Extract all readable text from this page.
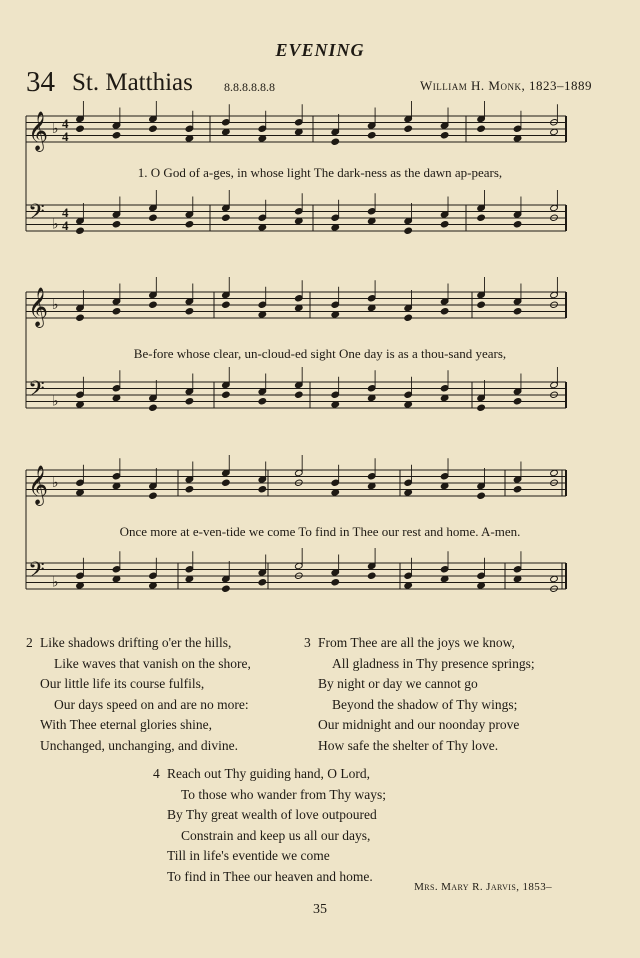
EVENING
34 St. Matthias	8.8.8.8.8.8	William H. Monk, 1823–1889
𝄞 ♭ 4
4
𝄢 ♭
4
4
𝄞 ♭
𝄢 ♭
𝄞 ♭
𝄢 ♭
1. O God of a-ges, in whose light The dark-ness as the dawn ap-pears,
Be-fore whose clear, un-cloud-ed sight One day is as a thou-sand years,
Once more at e-ven-tide we come To find in Thee our rest and home. A-men.
2 Like shadows drifting o'er the hills,
Like waves that vanish on the shore,
Our little life its course fulfils,
Our days speed on and are no more:
With Thee eternal glories shine,
Unchanged, unchanging, and divine.
3 From Thee are all the joys we know,
All gladness in Thy presence springs;
By night or day we cannot go
Beyond the shadow of Thy wings;
Our midnight and our noonday prove
How safe the shelter of Thy love.
4 Reach out Thy guiding hand, O Lord,
To those who wander from Thy ways;
By Thy great wealth of love outpoured
Constrain and keep us all our days,
Till in life's eventide we come
To find in Thee our heaven and home.
Mrs. Mary R. Jarvis, 1853–
35
